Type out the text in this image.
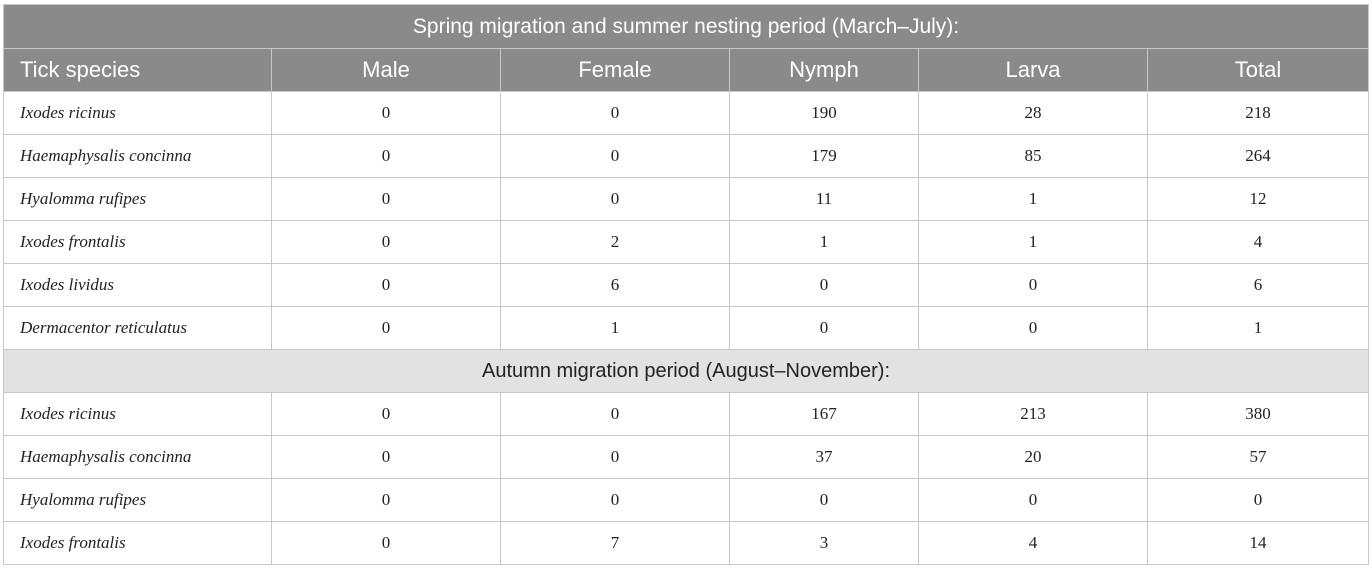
Spring migration and summer nesting period (March–July):					
Tick species	Male	Female	Nymph	Larva	Total
Ixodes ricinus	0	0	190	28	218
Haemaphysalis concinna	0	0	179	85	264
Hyalomma rufipes	0	0	11	1	12
Ixodes frontalis	0	2	1	1	4
Ixodes lividus	0	6	0	0	6
Dermacentor reticulatus	0	1	0	0	1
Autumn migration period (August–November):					
Ixodes ricinus	0	0	167	213	380
Haemaphysalis concinna	0	0	37	20	57
Hyalomma rufipes	0	0	0	0	0
Ixodes frontalis	0	7	3	4	14
